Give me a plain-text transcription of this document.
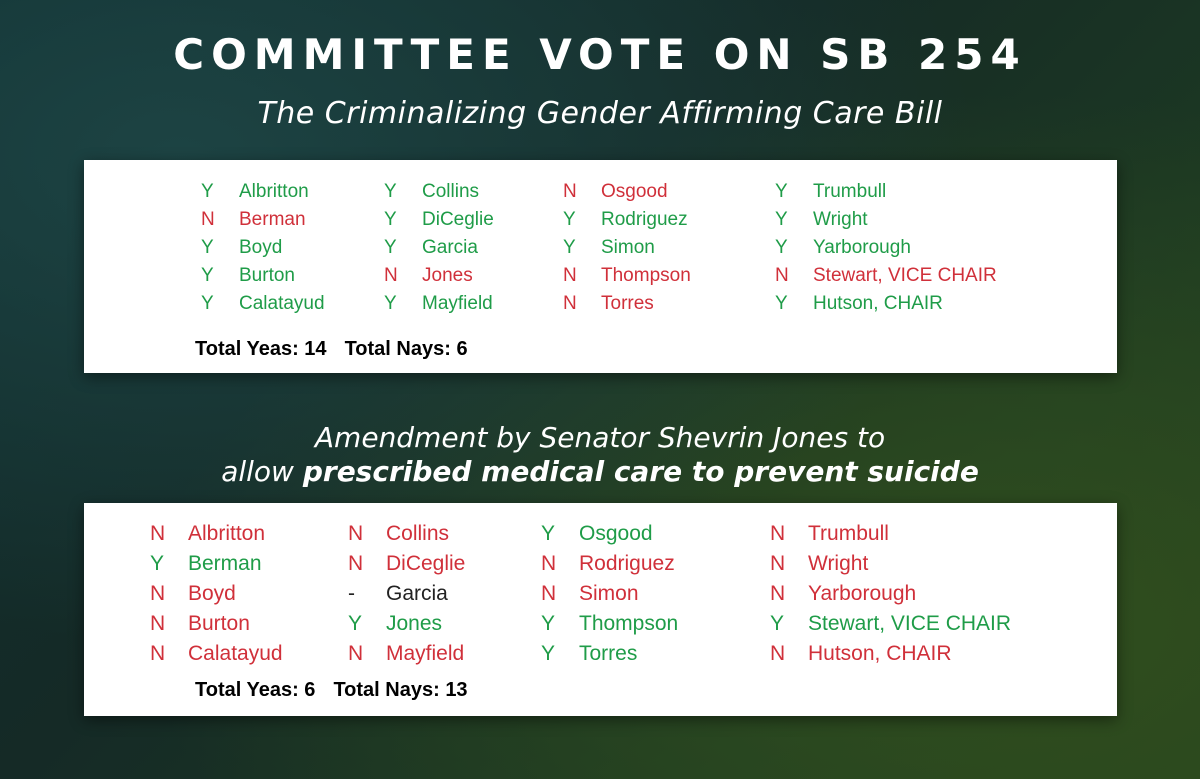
COMMITTEE VOTE ON SB 254
The Criminalizing Gender Affirming Care Bill
Y Albritton
N Berman
Y Boyd
Y Burton
Y Calatayud
Y Collins
Y DiCeglie
Y Garcia
N Jones
Y Mayfield
N Osgood
Y Rodriguez
Y Simon
N Thompson
N Torres
Y Trumbull
Y Wright
Y Yarborough
N Stewart, VICE CHAIR
Y Hutson, CHAIR
Total Yeas: 14 Total Nays: 6
Amendment by Senator Shevrin Jones to
allow prescribed medical care to prevent suicide
N Albritton
Y Berman
N Boyd
N Burton
N Calatayud
N Collins
N DiCeglie
- Garcia
Y Jones
N Mayfield
Y Osgood
N Rodriguez
N Simon
Y Thompson
Y Torres
N Trumbull
N Wright
N Yarborough
Y Stewart, VICE CHAIR
N Hutson, CHAIR
Total Yeas: 6 Total Nays: 13
